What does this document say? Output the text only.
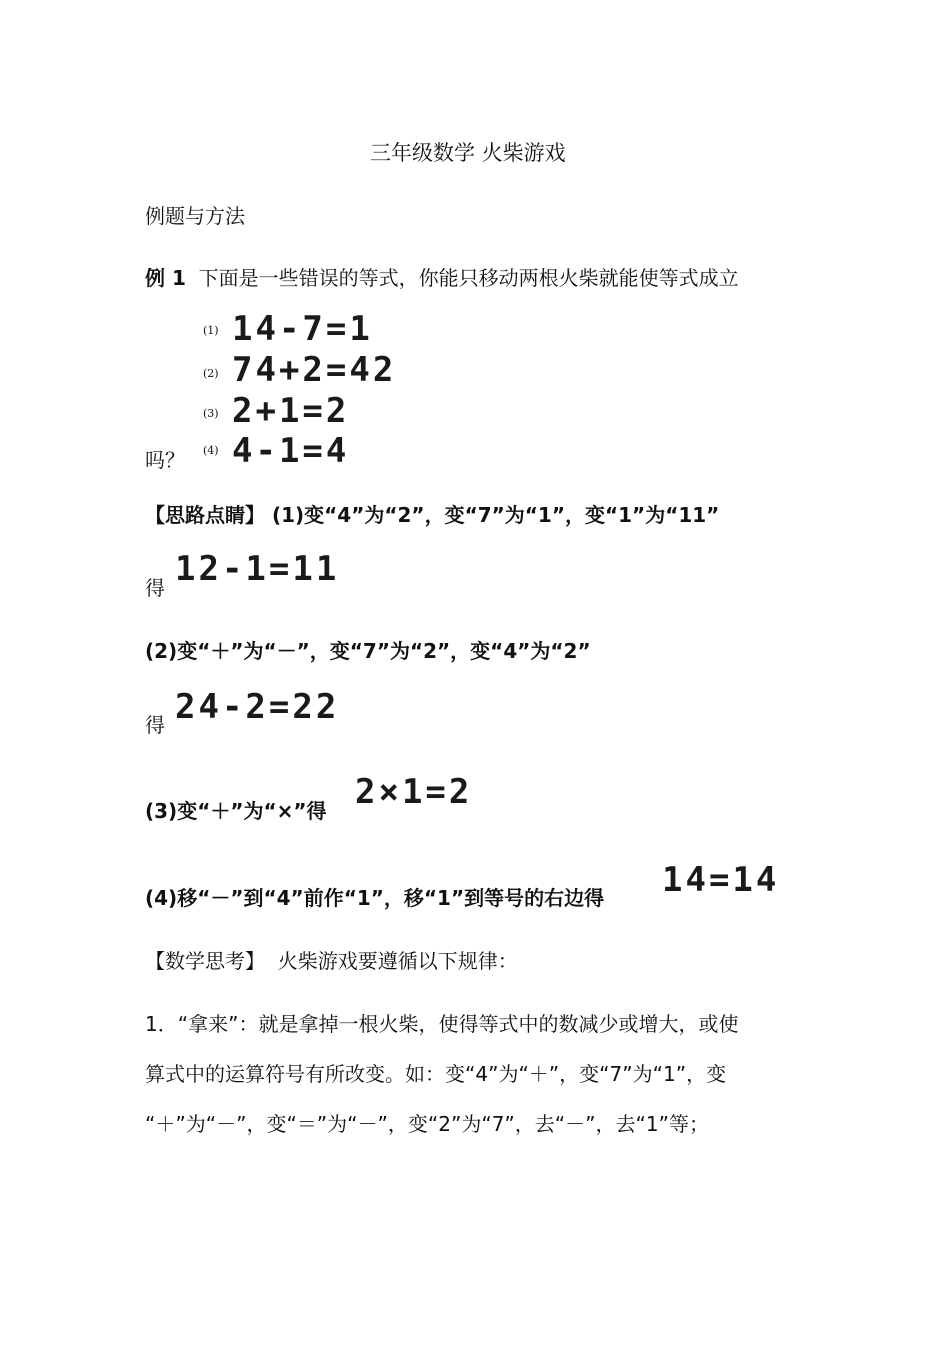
三年级数学 火柴游戏
例题与方法
例 1 下面是一些错误的等式，你能只移动两根火柴就能使等式成立
(1) 14-7=1
(2) 74+2=42
(3) 2+1=2
吗？ (4) 4-1=4
【思路点睛】 (1)变“4”为“2”，变“7”为“1”，变“1”为“11”
得 12-1=11
(2)变“＋”为“－”，变“7”为“2”，变“4”为“2”
得 24-2=22
(3)变“＋”为“×”得 2×1=2
(4)移“－”到“4”前作“1”，移“1”到等号的右边得 14=14
【数学思考】 火柴游戏要遵循以下规律：
1．“拿来”：就是拿掉一根火柴，使得等式中的数减少或增大，或使
算式中的运算符号有所改变。如：变“4”为“＋”，变“7”为“1”，变
“＋”为“－”，变“＝”为“－”，变“2”为“7”，去“－”，去“1”等；
